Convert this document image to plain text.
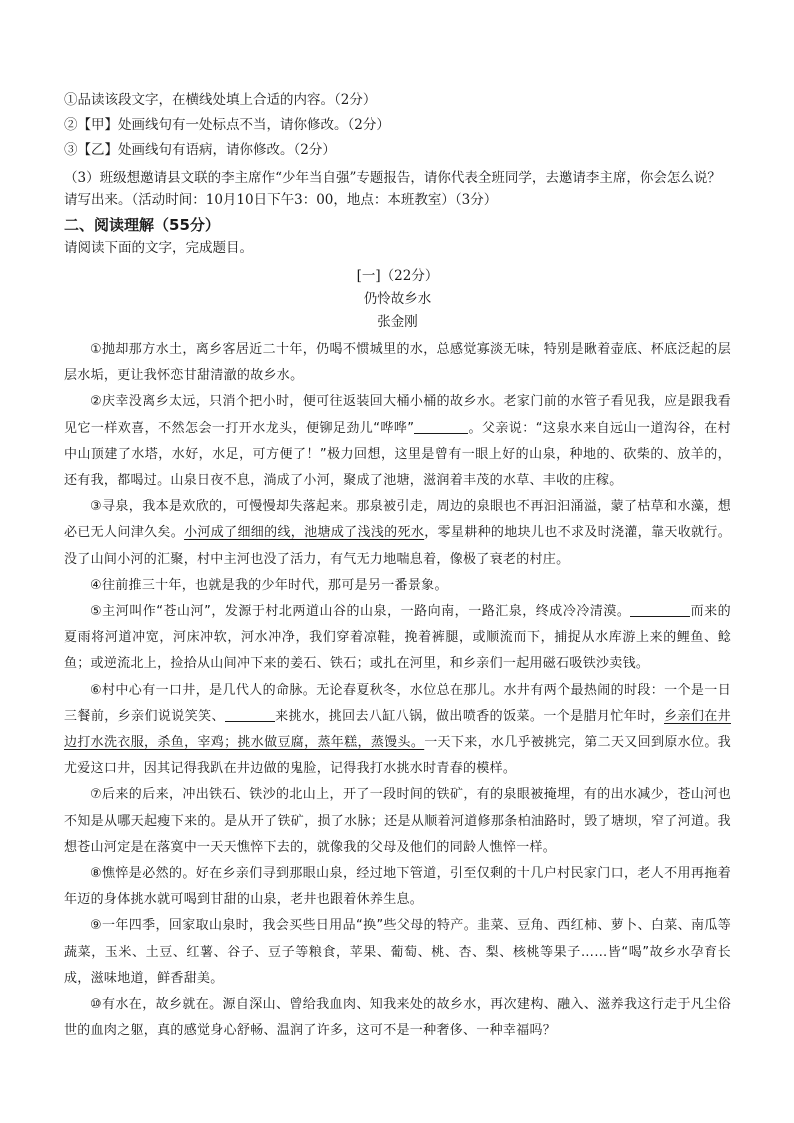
①品读该段文字，在横线处填上合适的内容。（2分）

②【甲】处画线句有一处标点不当，请你修改。（2分）

③【乙】处画线句有语病，请你修改。（2分）

（3）班级想邀请县文联的李主席作“少年当自强”专题报告，请你代表全班同学，去邀请李主席，你会怎么说？请写出来。（活动时间：10月10日下午3：00，地点：本班教室）（3分）

二、阅读理解（55分）

请阅读下面的文字，完成题目。

[一]（22分）

仍怜故乡水

张金刚

①抛却那方水土，离乡客居近二十年，仍喝不惯城里的水，总感觉寡淡无味，特别是瞅着壶底、杯底泛起的层层水垢，更让我怀恋甘甜清澈的故乡水。

②庆幸没离乡太远，只消个把小时，便可往返装回大桶小桶的故乡水。老家门前的水管子看见我，应是跟我看见它一样欢喜，不然怎会一打开水龙头，便铆足劲儿“哗哗”	。父亲说：“这泉水来自远山一道沟谷，在村中山顶建了水塔，水好，水足，可方便了！”极力回想，这里是曾有一眼上好的山泉，种地的、砍柴的、放羊的，还有我，都喝过。山泉日夜不息，淌成了小河，聚成了池塘，滋润着丰茂的水草、丰收的庄稼。

③寻泉，我本是欢欣的，可慢慢却失落起来。那泉被引走，周边的泉眼也不再汩汩涌溢，蒙了枯草和水藻，想必已无人问津久矣。小河成了细细的线，池塘成了浅浅的死水，零星耕种的地块儿也不求及时浇灌，靠天收就行。没了山间小河的汇聚，村中主河也没了活力，有气无力地喘息着，像极了衰老的村庄。

④往前推三十年，也就是我的少年时代，那可是另一番景象。

⑤主河叫作“苍山河”，发源于村北两道山谷的山泉，一路向南，一路汇泉，终成冷冷清漠。	而来的夏雨将河道冲宽，河床冲软，河水冲净，我们穿着凉鞋，挽着裤腿，或顺流而下，捕捉从水库游上来的鲤鱼、鲶鱼；或逆流北上，捡拾从山间冲下来的姜石、铁石；或扎在河里，和乡亲们一起用磁石吸铁沙卖钱。

⑥村中心有一口井，是几代人的命脉。无论春夏秋冬，水位总在那儿。水井有两个最热闹的时段：一个是一日三餐前，乡亲们说说笑笑、	来挑水，挑回去八缸八锅，做出喷香的饭菜。一个是腊月忙年时，乡亲们在井边打水洗衣服，杀鱼，宰鸡；挑水做豆腐，蒸年糕，蒸馒头。一天下来，水几乎被挑完，第二天又回到原水位。我尤爱这口井，因其记得我趴在井边做的鬼脸，记得我打水挑水时青春的模样。

⑦后来的后来，冲出铁石、铁沙的北山上，开了一段时间的铁矿，有的泉眼被掩埋，有的出水减少，苍山河也不知是从哪天起瘦下来的。是从开了铁矿，损了水脉；还是从顺着河道修那条柏油路时，毁了塘坝，窄了河道。我想苍山河定是在落寞中一天天憔悴下去的，就像我的父母及他们的同龄人憔悴一样。

⑧憔悴是必然的。好在乡亲们寻到那眼山泉，经过地下管道，引至仅剩的十几户村民家门口，老人不用再拖着年迈的身体挑水就可喝到甘甜的山泉，老井也跟着休养生息。

⑨一年四季，回家取山泉时，我会买些日用品“换”些父母的特产。韭菜、豆角、西红柿、萝卜、白菜、南瓜等蔬菜，玉米、土豆、红薯、谷子、豆子等粮食，苹果、葡萄、桃、杏、梨、核桃等果子……皆“喝”故乡水孕育长成，滋味地道，鲜香甜美。

⑩有水在，故乡就在。源自深山、曾给我血肉、知我来处的故乡水，再次建构、融入、滋养我这行走于凡尘俗世的血肉之躯，真的感觉身心舒畅、温润了许多，这可不是一种奢侈、一种幸福吗？
